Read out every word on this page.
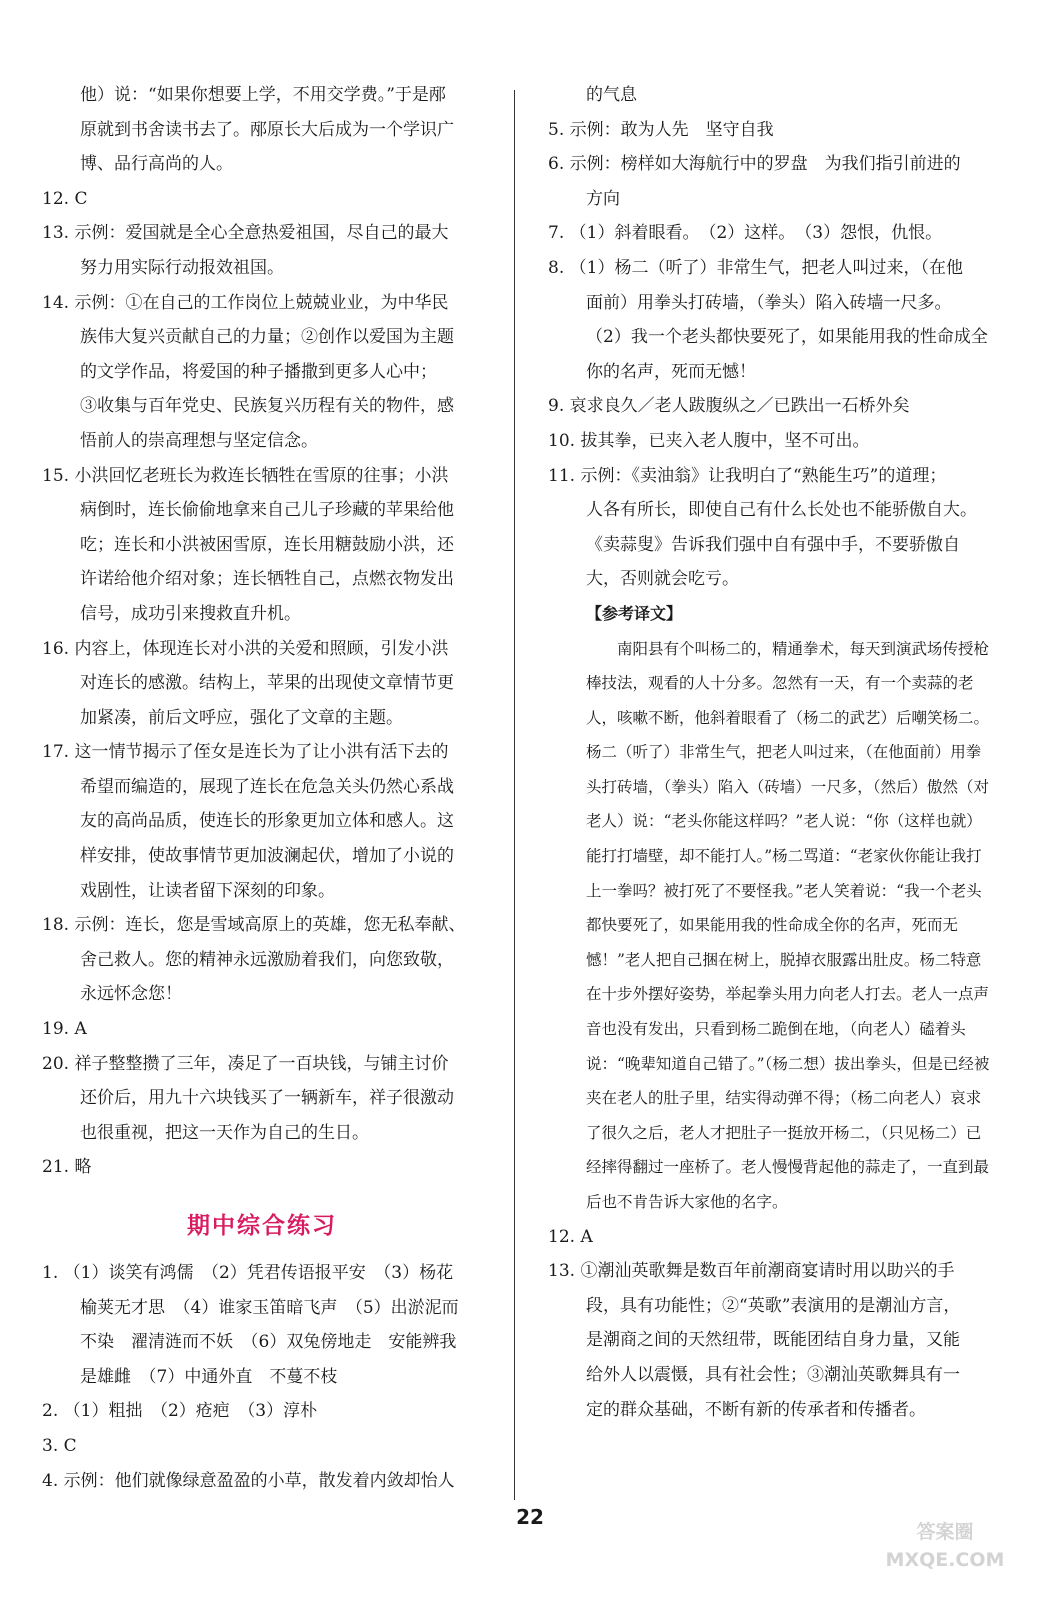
他）说：“如果你想要上学，不用交学费。”于是邴
原就到书舍读书去了。邴原长大后成为一个学识广
博、品行高尚的人。
12. C
13. 示例：爱国就是全心全意热爱祖国，尽自己的最大
努力用实际行动报效祖国。
14. 示例：①在自己的工作岗位上兢兢业业，为中华民
族伟大复兴贡献自己的力量；②创作以爱国为主题
的文学作品，将爱国的种子播撒到更多人心中；
③收集与百年党史、民族复兴历程有关的物件，感
悟前人的崇高理想与坚定信念。
15. 小洪回忆老班长为救连长牺牲在雪原的往事；小洪
病倒时，连长偷偷地拿来自己儿子珍藏的苹果给他
吃；连长和小洪被困雪原，连长用糖鼓励小洪，还
许诺给他介绍对象；连长牺牲自己，点燃衣物发出
信号，成功引来搜救直升机。
16. 内容上，体现连长对小洪的关爱和照顾，引发小洪
对连长的感激。结构上，苹果的出现使文章情节更
加紧凑，前后文呼应，强化了文章的主题。
17. 这一情节揭示了侄女是连长为了让小洪有活下去的
希望而编造的，展现了连长在危急关头仍然心系战
友的高尚品质，使连长的形象更加立体和感人。这
样安排，使故事情节更加波澜起伏，增加了小说的
戏剧性，让读者留下深刻的印象。
18. 示例：连长，您是雪域高原上的英雄，您无私奉献、
舍己救人。您的精神永远激励着我们，向您致敬，
永远怀念您！
19. A
20. 祥子整整攒了三年，凑足了一百块钱，与铺主讨价
还价后，用九十六块钱买了一辆新车，祥子很激动
也很重视，把这一天作为自己的生日。
21. 略
期中综合练习
1. （1）谈笑有鸿儒　（2）凭君传语报平安　（3）杨花
榆荚无才思　（4）谁家玉笛暗飞声　（5）出淤泥而
不染　濯清涟而不妖　（6）双兔傍地走　安能辨我
是雄雌　（7）中通外直　不蔓不枝
2. （1）粗拙　（2）疮疤　（3）淳朴
3. C
4. 示例：他们就像绿意盈盈的小草，散发着内敛却怡人
的气息
5. 示例：敢为人先　坚守自我
6. 示例：榜样如大海航行中的罗盘　为我们指引前进的
方向
7. （1）斜着眼看。　（2）这样。　（3）怨恨，仇恨。
8. （1）杨二（听了）非常生气，把老人叫过来，（在他
面前）用拳头打砖墙，（拳头）陷入砖墙一尺多。
（2）我一个老头都快要死了，如果能用我的性命成全
你的名声，死而无憾！
9. 哀求良久／老人跋腹纵之／已跌出一石桥外矣
10. 拔其拳，已夹入老人腹中，坚不可出。
11. 示例：《卖油翁》让我明白了“熟能生巧”的道理；
人各有所长，即使自己有什么长处也不能骄傲自大。
《卖蒜叟》告诉我们强中自有强中手，不要骄傲自
大，否则就会吃亏。
【参考译文】
南阳县有个叫杨二的，精通拳术，每天到演武场传授枪棒技法，观看的人十分多。忽然有一天，有一个卖蒜的老人，咳嗽不断，他斜着眼看了（杨二的武艺）后嘲笑杨二。杨二（听了）非常生气，把老人叫过来，（在他面前）用拳头打砖墙，（拳头）陷入（砖墙）一尺多，（然后）傲然（对老人）说：“老头你能这样吗？”老人说：“你（这样也就）能打打墙壁，却不能打人。”杨二骂道：“老家伙你能让我打上一拳吗？被打死了不要怪我。”老人笑着说：“我一个老头都快要死了，如果能用我的性命成全你的名声，死而无憾！”老人把自己捆在树上，脱掉衣服露出肚皮。杨二特意在十步外摆好姿势，举起拳头用力向老人打去。老人一点声音也没有发出，只看到杨二跪倒在地，（向老人）磕着头说：“晚辈知道自己错了。”（杨二想）拔出拳头，但是已经被夹在老人的肚子里，结实得动弹不得；（杨二向老人）哀求了很久之后，老人才把肚子一挺放开杨二，（只见杨二）已经摔得翻过一座桥了。老人慢慢背起他的蒜走了，一直到最后也不肯告诉大家他的名字。
12. A
13. ①潮汕英歌舞是数百年前潮商宴请时用以助兴的手
段，具有功能性；②“英歌”表演用的是潮汕方言，
是潮商之间的天然纽带，既能团结自身力量，又能
给外人以震慑，具有社会性；③潮汕英歌舞具有一
定的群众基础，不断有新的传承者和传播者。
22
答案圈
MXQE.COM
